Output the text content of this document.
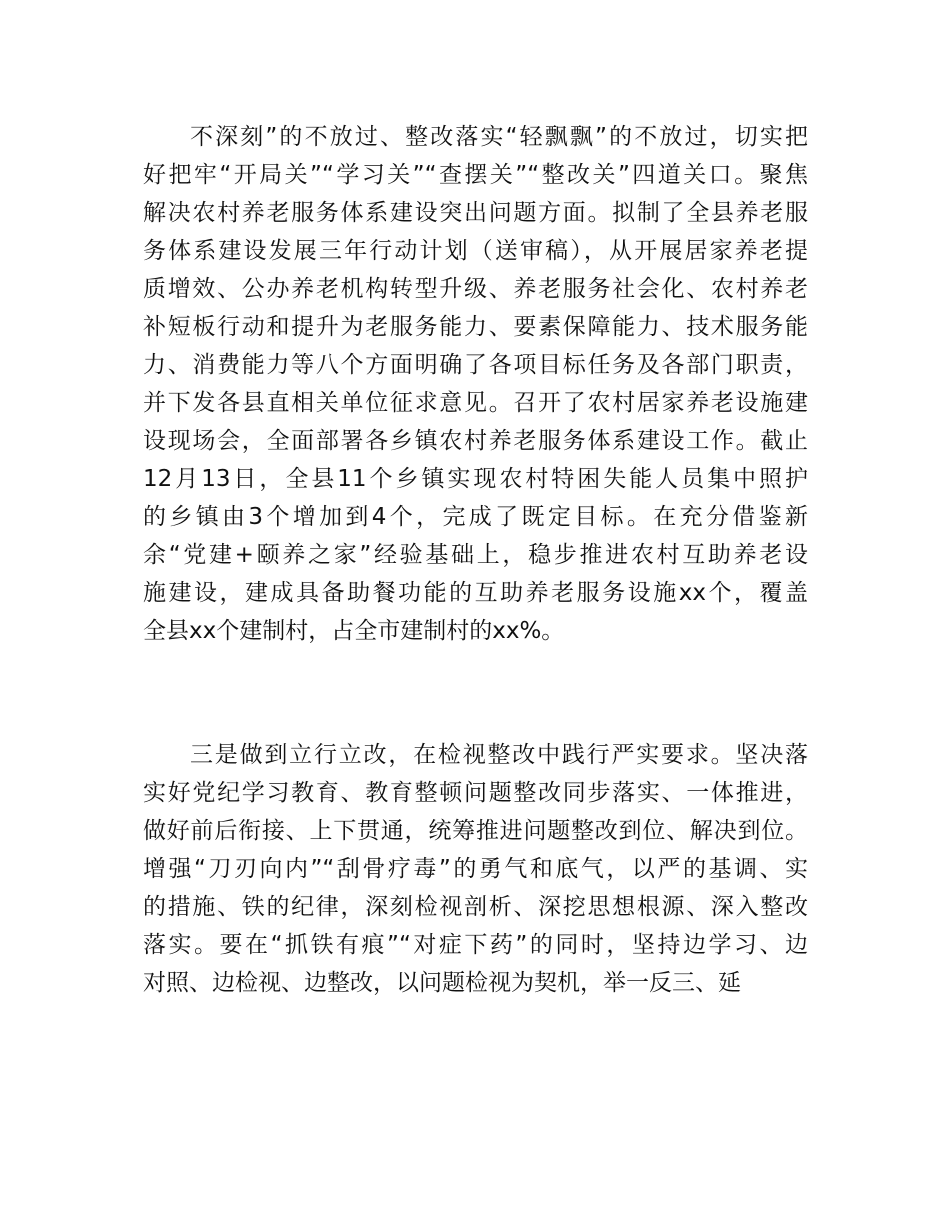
不深刻”的不放过、整改落实“轻飘飘”的不放过，切实把
好把牢“开局关”“学习关”“查摆关”“整改关”四道关口。聚焦
解决农村养老服务体系建设突出问题方面。拟制了全县养老服
务体系建设发展三年行动计划（送审稿），从开展居家养老提
质增效、公办养老机构转型升级、养老服务社会化、农村养老
补短板行动和提升为老服务能力、要素保障能力、技术服务能
力、消费能力等八个方面明确了各项目标任务及各部门职责，
并下发各县直相关单位征求意见。召开了农村居家养老设施建
设现场会，全面部署各乡镇农村养老服务体系建设工作。截止
12月13日，全县11个乡镇实现农村特困失能人员集中照护
的乡镇由3个增加到4个，完成了既定目标。在充分借鉴新
余“党建+颐养之家”经验基础上，稳步推进农村互助养老设
施建设，建成具备助餐功能的互助养老服务设施xx个，覆盖
全县xx个建制村，占全市建制村的xx%。
三是做到立行立改，在检视整改中践行严实要求。坚决落
实好党纪学习教育、教育整顿问题整改同步落实、一体推进，
做好前后衔接、上下贯通，统筹推进问题整改到位、解决到位。
增强“刀刃向内”“刮骨疗毒”的勇气和底气，以严的基调、实
的措施、铁的纪律，深刻检视剖析、深挖思想根源、深入整改
落实。要在“抓铁有痕”“对症下药”的同时，坚持边学习、边
对照、边检视、边整改，以问题检视为契机，举一反三、延
